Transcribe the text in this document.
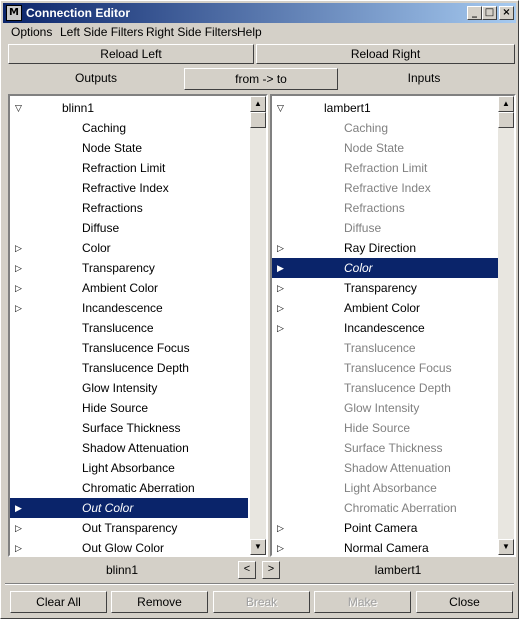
M Connection Editor	_ □ ×
Options Left Side Filters Right Side Filters Help
Reload Left	Reload Right
Outputs	from -> to	Inputs
▽	blinn1
Caching
Node State
Refraction Limit
Refractive Index
Refractions
Diffuse
▷	Color
▷	Transparency
▷	Ambient Color
▷	Incandescence
Translucence
Translucence Focus
Translucence Depth
Glow Intensity
Hide Source
Surface Thickness
Shadow Attenuation
Light Absorbance
Chromatic Aberration
▶	Out Color
▷	Out Transparency
▷	Out Glow Color
▲
▼
▽	lambert1
Caching
Node State
Refraction Limit
Refractive Index
Refractions
Diffuse
▷	Ray Direction
▶	Color
▷	Transparency
▷	Ambient Color
▷	Incandescence
Translucence
Translucence Focus
Translucence Depth
Glow Intensity
Hide Source
Surface Thickness
Shadow Attenuation
Light Absorbance
Chromatic Aberration
▷	Point Camera
▷	Normal Camera
▲
▼
blinn1	<	>	lambert1
Clear All	Remove	Break	Make	Close
